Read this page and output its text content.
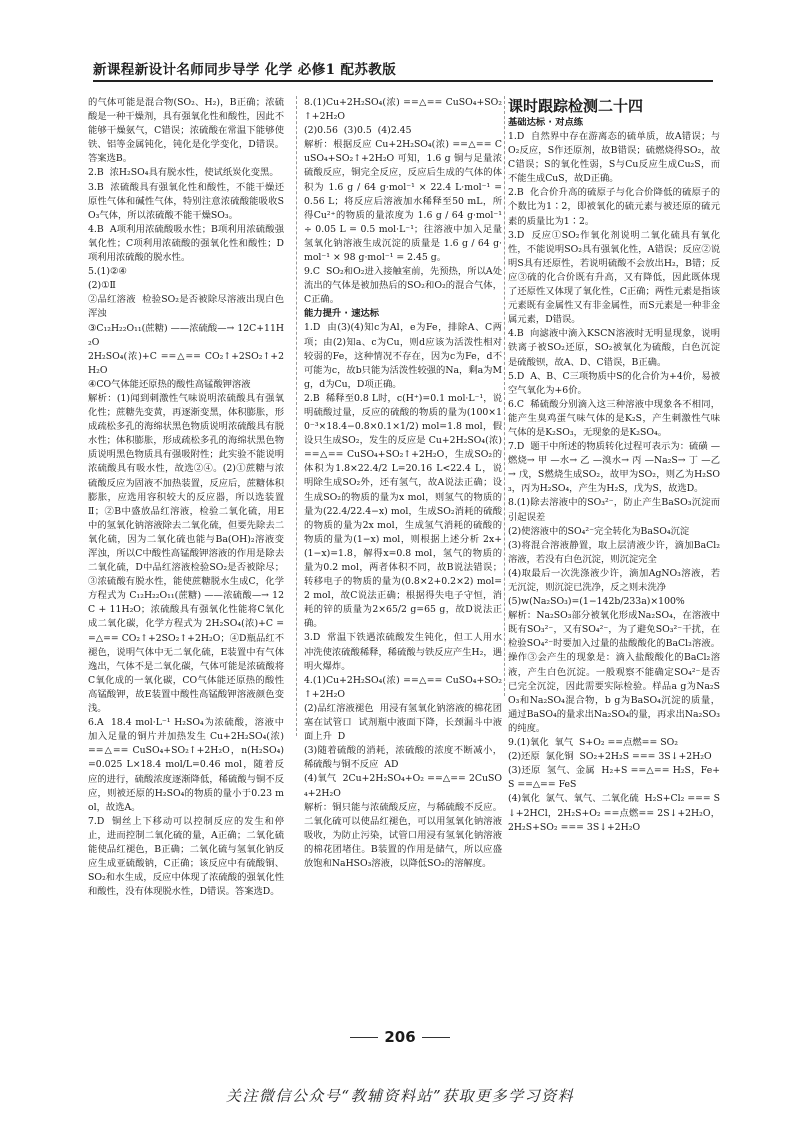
新课程新设计名师同步导学 化学 必修1 配苏教版

的气体可能是混合物(SO₂、H₂)，B正确；浓硫酸是一种干燥剂，具有强氧化性和酸性，因此不能够干燥氨气，C错误；浓硫酸在常温下能够使铁、铝等金属钝化，钝化是化学变化，D错误。答案选B。

2.B  浓H₂SO₄具有脱水性，使试纸炭化变黑。

3.B  浓硫酸具有强氧化性和酸性，不能干燥还原性气体和碱性气体，特别注意浓硫酸能吸收SO₃气体，所以浓硫酸不能干燥SO₃。

4.B  A项利用浓硫酸吸水性；B项利用浓硫酸强氧化性；C项利用浓硫酸的强氧化性和酸性；D项利用浓硫酸的脱水性。

5.(1)②④

(2)①Ⅱ

②品红溶液  检验SO₂是否被除尽溶液出现白色浑浊

③C₁₂H₂₂O₁₁(蔗糖) ——浓硫酸—→ 12C+11H₂O

2H₂SO₄(浓)+C ==△== CO₂↑+2SO₂↑+2H₂O

④CO气体能还原热的酸性高锰酸钾溶液

解析：(1)闻到刺激性气味说明浓硫酸具有强氧化性；蔗糖先变黄，再逐渐变黑，体积膨胀，形成疏松多孔的海绵状黑色物质说明浓硫酸具有脱水性；体积膨胀，形成疏松多孔的海绵状黑色物质说明黑色物质具有强吸附性；此实验不能说明浓硫酸具有吸水性，故选②④。(2)①蔗糖与浓硫酸反应为固液不加热装置，反应后，蔗糖体积膨胀，应选用容积较大的反应器，所以选装置Ⅱ；②B中盛放品红溶液，检验二氧化硫，用E中的氢氧化钠溶液除去二氧化硫，但要先除去二氧化硫，因为二氧化硫也能与Ba(OH)₂溶液变浑浊，所以C中酸性高锰酸钾溶液的作用是除去二氧化硫，D中品红溶液检验SO₂是否被除尽；③浓硫酸有脱水性，能使蔗糖脱水生成C，化学方程式为 C₁₂H₂₂O₁₁(蔗糖) ——浓硫酸—→ 12C + 11H₂O；浓硫酸具有强氧化性能将C氧化成二氧化碳，化学方程式为 2H₂SO₄(浓)+C ==△== CO₂↑+2SO₂↑+2H₂O；④D瓶品红不褪色，说明气体中无二氧化硫，E装置中有气体逸出，气体不是二氧化碳，气体可能是浓硫酸将C氧化成的一氧化碳，CO气体能还原热的酸性高锰酸钾，故E装置中酸性高锰酸钾溶液颜色变浅。

6.A  18.4 mol·L⁻¹ H₂SO₄为浓硫酸，溶液中加入足量的铜片并加热发生 Cu+2H₂SO₄(浓) ==△== CuSO₄+SO₂↑+2H₂O，n(H₂SO₄)=0.025 L×18.4 mol/L=0.46 mol，随着反应的进行，硫酸浓度逐渐降低，稀硫酸与铜不反应，则被还原的H₂SO₄的物质的量小于0.23 mol，故选A。

7.D  铜丝上下移动可以控制反应的发生和停止，进而控制二氧化硫的量，A正确；二氧化硫能使品红褪色，B正确；二氧化硫与氢氧化钠反应生成亚硫酸钠，C正确；该反应中有硫酸铜、SO₂和水生成，反应中体现了浓硫酸的强氧化性和酸性，没有体现脱水性，D错误。答案选D。

8.(1)Cu+2H₂SO₄(浓) ==△== CuSO₄+SO₂↑+2H₂O

(2)0.56  (3)0.5  (4)2.45

解析：根据反应 Cu+2H₂SO₄(浓) ==△== CuSO₄+SO₂↑+2H₂O 可知，1.6 g 铜与足量浓硫酸反应，铜完全反应，反应后生成的气体的体积为 1.6 g / 64 g·mol⁻¹ × 22.4 L·mol⁻¹ = 0.56 L；将反应后溶液加水稀释至50 mL，所得Cu²⁺的物质的量浓度为 1.6 g / 64 g·mol⁻¹ ÷ 0.05 L = 0.5 mol·L⁻¹；往溶液中加入足量氢氧化钠溶液生成沉淀的质量是 1.6 g / 64 g·mol⁻¹ × 98 g·mol⁻¹ = 2.45 g。

9.C  SO₂和O₂进入接触室前，先预热，所以A处流出的气体是被加热后的SO₂和O₂的混合气体，C正确。

能力提升 · 速达标

1.D  由(3)(4)知c为Al，e为Fe，排除A、C两项；由(2)知a、c为Cu，则d应该为活泼性相对较弱的Fe，这种情况不存在，因为c为Fe，d不可能为c，故b只能为活泼性较强的Na，剩a为Mg，d为Cu，D项正确。

2.B  稀释至0.8 L时，c(H⁺)=0.1 mol·L⁻¹，说明硫酸过量，反应的硫酸的物质的量为(100×10⁻³×18.4−0.8×0.1×1/2) mol=1.8 mol，假设只生成SO₂，发生的反应是 Cu+2H₂SO₄(浓) ==△== CuSO₄+SO₂↑+2H₂O，生成SO₂的体积为1.8×22.4/2 L=20.16 L<22.4 L，说明除生成SO₂外，还有氢气，故A说法正确；设生成SO₂的物质的量为x mol，则氢气的物质的量为(22.4/22.4−x) mol，生成SO₂消耗的硫酸的物质的量为2x mol，生成氢气消耗的硫酸的物质的量为(1−x) mol，则根据上述分析 2x+(1−x)=1.8，解得x=0.8 mol，氢气的物质的量为0.2 mol，两者体积不同，故B说法错误；转移电子的物质的量为(0.8×2+0.2×2) mol=2 mol，故C说法正确；根据得失电子守恒，消耗的锌的质量为2×65/2 g=65 g，故D说法正确。

3.D  常温下铁遇浓硫酸发生钝化，但工人用水冲洗使浓硫酸稀释，稀硫酸与铁反应产生H₂，遇明火爆炸。

4.(1)Cu+2H₂SO₄(浓) ==△== CuSO₄+SO₂↑+2H₂O

(2)品红溶液褪色  用浸有氢氧化钠溶液的棉花团塞在试管口  试剂瓶中液面下降，长颈漏斗中液面上升  D

(3)随着硫酸的消耗，浓硫酸的浓度不断减小，稀硫酸与铜不反应  AD

(4)氧气  2Cu+2H₂SO₄+O₂ ==△== 2CuSO₄+2H₂O

解析：铜只能与浓硫酸反应，与稀硫酸不反应。二氧化硫可以使品红褪色，可以用氢氧化钠溶液吸收，为防止污染，试管口用浸有氢氧化钠溶液的棉花团堵住。B装置的作用是储气，所以应盛放饱和NaHSO₃溶液，以降低SO₂的溶解度。

课时跟踪检测二十四

基础达标 · 对点练

1.D  自然界中存在游离态的硫单质，故A错误；与O₂反应，S作还原剂，故B错误；硫燃烧得SO₂，故C错误；S的氧化性弱，S与Cu反应生成Cu₂S，而不能生成CuS，故D正确。

2.B  化合价升高的硫原子与化合价降低的硫原子的个数比为1∶2，即被氧化的硫元素与被还原的硫元素的质量比为1∶2。

3.D  反应①SO₂作氧化剂说明二氧化硫具有氧化性，不能说明SO₂具有强氧化性，A错误；反应②说明S具有还原性，若说明硫酸不会放出H₂，B错；反应③硫的化合价既有升高，又有降低，因此既体现了还原性又体现了氧化性，C正确；两性元素是指该元素既有金属性又有非金属性，而S元素是一种非金属元素，D错误。

4.B  向滤液中滴入KSCN溶液时无明显现象，说明铁离子被SO₂还原，SO₂被氧化为硫酸，白色沉淀是硫酸钡，故A、D、C错误，B正确。

5.D  A、B、C三项物质中S的化合价为+4价，易被空气氧化为+6价。

6.C  稀硫酸分别滴入这三种溶液中现象各不相同，能产生臭鸡蛋气味气体的是K₂S，产生刺激性气味气体的是K₂SO₃，无现象的是K₂SO₄。

7.D  题干中所述的物质转化过程可表示为：硫磺 —燃烧→ 甲 —水→ 乙 —溴水→ 丙 —Na₂S→ 丁 —乙→ 戊，S燃烧生成SO₂，故甲为SO₂，则乙为H₂SO₃，丙为H₂SO₄，产生为H₂S，戊为S，故选D。

8.(1)除去溶液中的SO₃²⁻，防止产生BaSO₃沉淀而引起误差

(2)使溶液中的SO₄²⁻完全转化为BaSO₄沉淀

(3)将混合溶液静置，取上层清液少许，滴加BaCl₂溶液，若没有白色沉淀，则沉淀完全

(4)取最后一次洗涤液少许，滴加AgNO₃溶液，若无沉淀，则沉淀已洗净，反之则未洗净

(5)w(Na₂SO₃)=(1−142b/233a)×100%

解析：Na₂SO₃部分被氧化形成Na₂SO₄，在溶液中既有SO₃²⁻，又有SO₄²⁻，为了避免SO₃²⁻干扰，在检验SO₄²⁻时要加入过量的盐酸酸化的BaCl₂溶液。操作③会产生的现象是：滴入盐酸酸化的BaCl₂溶液，产生白色沉淀。一般观察不能确定SO₄²⁻是否已完全沉淀，因此需要实际检验。样品a g为Na₂SO₃和Na₂SO₄混合物，b g为BaSO₄沉淀的质量，通过BaSO₄的量求出Na₂SO₄的量，再求出Na₂SO₃的纯度。

9.(1)氧化  氧气  S+O₂ ==点燃== SO₂

(2)还原  氯化铜  SO₂+2H₂S === 3S↓+2H₂O

(3)还原  氢气、金属  H₂+S ==△== H₂S，Fe+S ==△== FeS

(4)氧化  氯气、氧气、二氧化硫  H₂S+Cl₂ === S↓+2HCl，2H₂S+O₂ ==点燃== 2S↓+2H₂O，2H₂S+SO₂ === 3S↓+2H₂O

206
关注微信公众号“教辅资料站”获取更多学习资料
